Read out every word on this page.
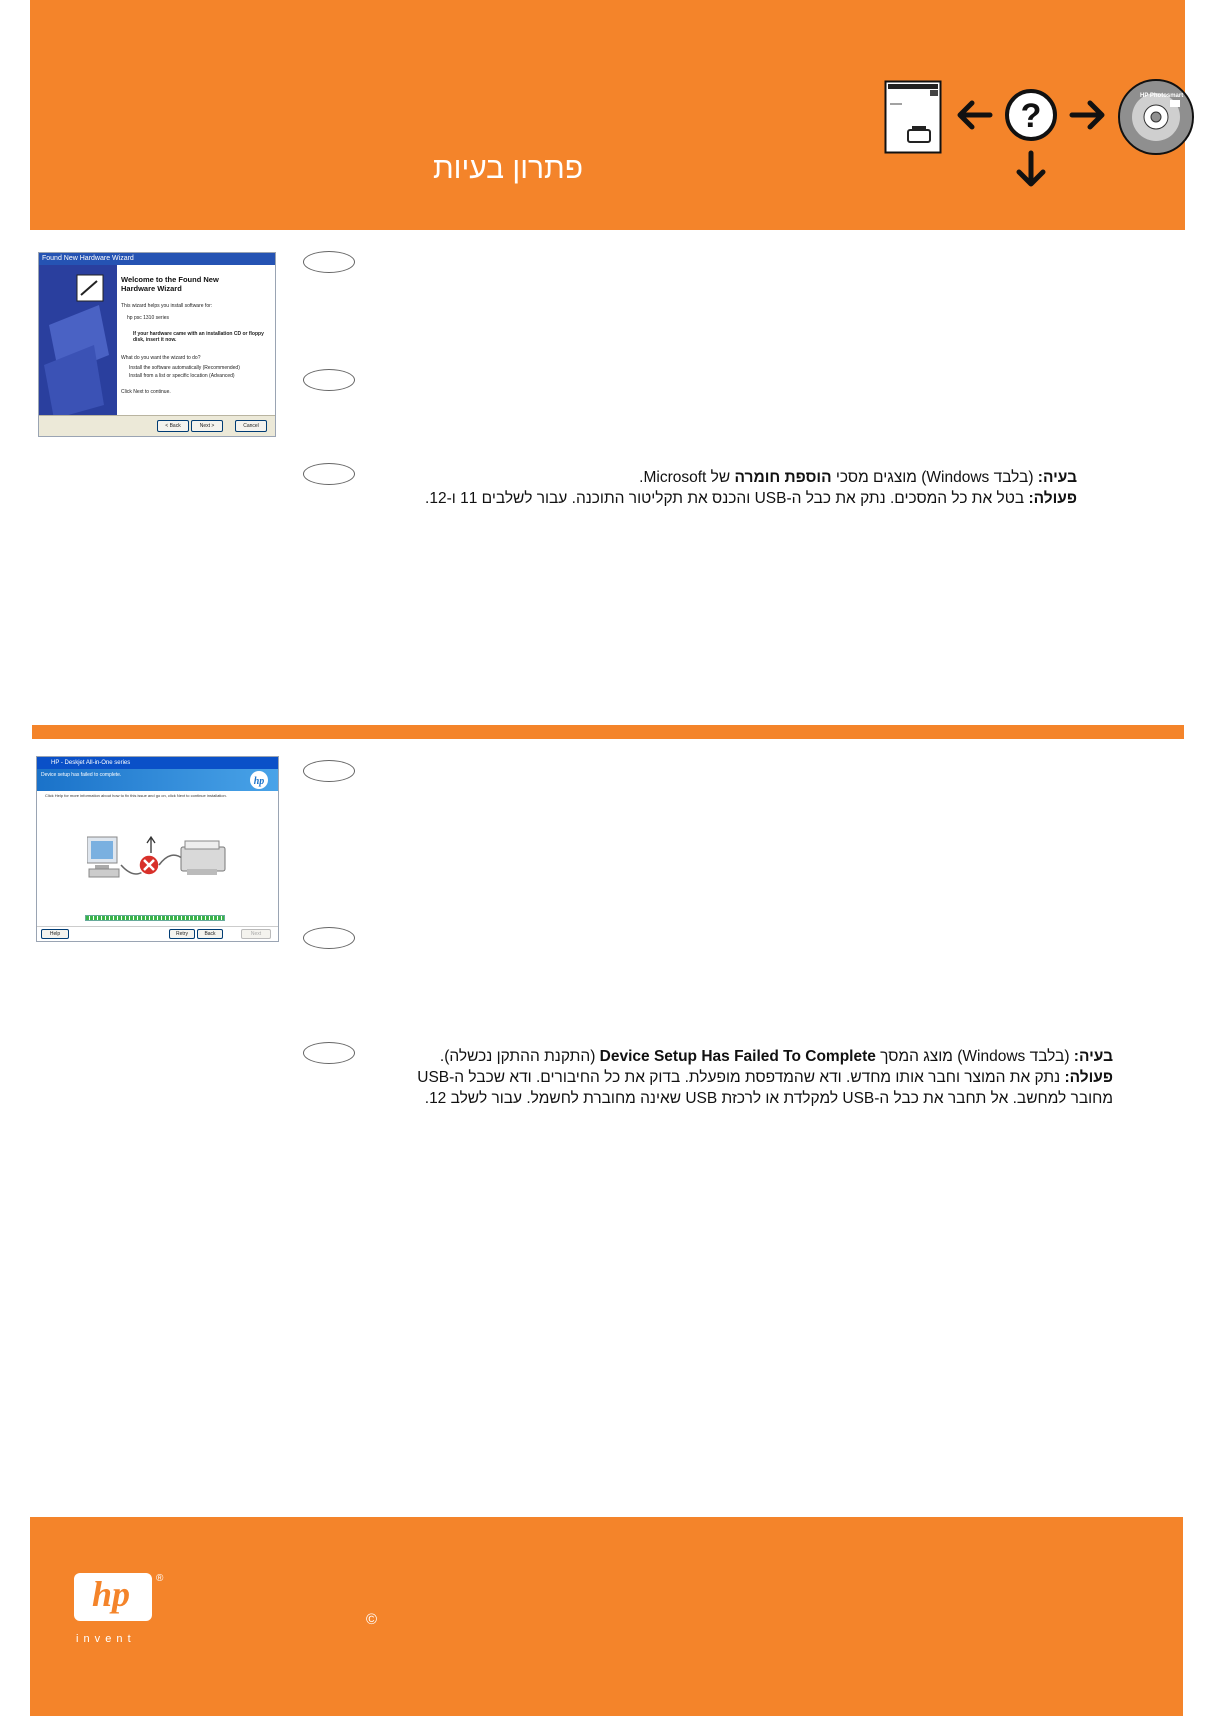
פתרון בעיות
?
HP Photosmart
Found New Hardware Wizard
Welcome to the Found New Hardware Wizard
This wizard helps you install software for:
hp psc 1310 series
If your hardware came with an installation CD or floppy disk, insert it now.
What do you want the wizard to do?
Install the software automatically (Recommended)
Install from a list or specific location (Advanced)
Click Next to continue.
< Back	Next >	Cancel

בעיה: (בלבד Windows) מוצגים מסכי הוספת חומרה של Microsoft.

פעולה: בטל את כל המסכים. נתק את כבל ה-USB והכנס את תקליטור התוכנה. עבור לשלבים 11 ו-12.

HP - Deskjet All-in-One series
Device setup has failed to complete.
hp
Click Help for more information about how to fix this issue and go on, click Next to continue installation.
Help	Retry	Back	Next

בעיה: (בלבד Windows) מוצג המסך Device Setup Has Failed To Complete (התקנת ההתקן נכשלה).

פעולה: נתק את המוצר וחבר אותו מחדש. ודא שהמדפסת מופעלת. בדוק את כל החיבורים. ודא שכבל ה-USB

מחובר למחשב. אל תחבר את כבל ה-USB למקלדת או לרכזת USB שאינה מחוברת לחשמל. עבור לשלב 12.

hp	®
i n v e n t
©
